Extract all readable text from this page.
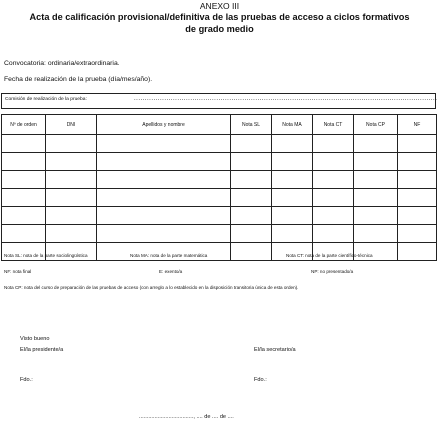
ANEXO III
Acta de calificación provisional/definitiva de las pruebas de acceso a ciclos formativos
de grado medio
Convocatoria: ordinaria/extraordinaria.
Fecha de realización de la prueba (día/mes/año).
Comisión de realización de la prueba:	............................................................................................................................................
Nº de orden	DNI	Apellidos y nombre	Nota SL	Nota MA	Nota CT	Nota CP	NF

Nota SL: nota de la parte sociolingüística	Nota MA: nota de la parte matemática	Nota CT: nota de la parte científico-técnica
NF: nota final	E: exento/a	NP: no presentado/a
Nota CP: nota del curso de preparación de las pruebas de acceso (con arreglo a lo establecido en la disposición transitoria única de esta orden).
Visto bueno
El/la presidente/a	El/la secretario/a
Fdo.:	Fdo.:
..................................., .... de .... de ....
